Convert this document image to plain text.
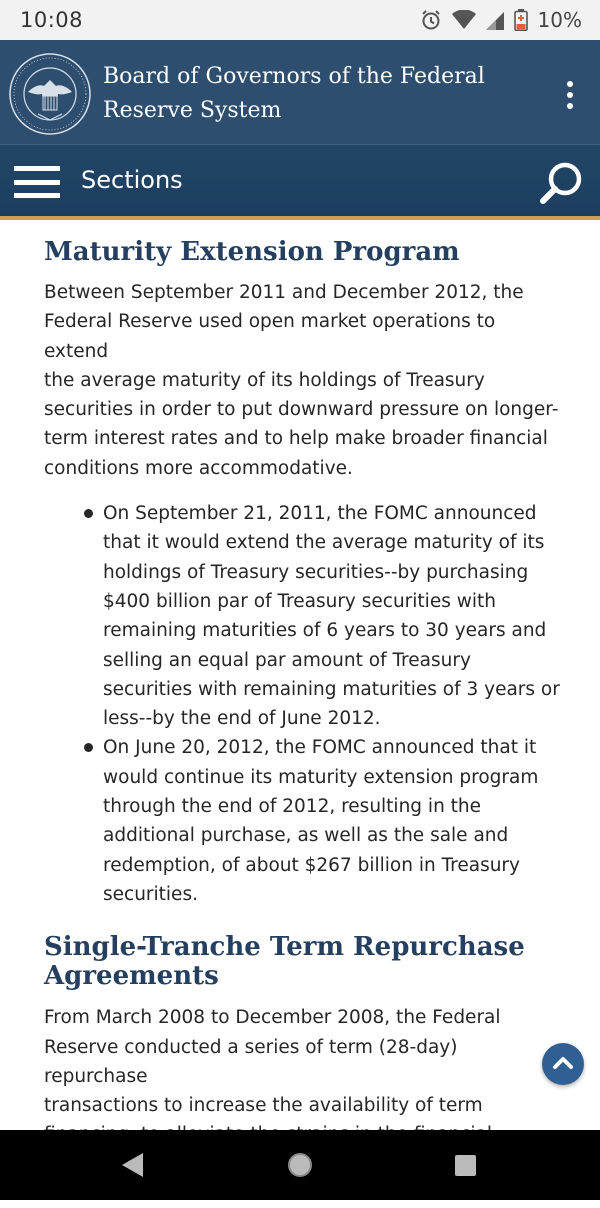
10:08	10%
Board of Governors of the Federal
Reserve System
Sections
Maturity Extension Program
Between September 2011 and December 2012, the
Federal Reserve used open market operations to extend
the average maturity of its holdings of Treasury
securities in order to put downward pressure on longer-
term interest rates and to help make broader financial
conditions more accommodative.
On September 21, 2011, the FOMC announced
that it would extend the average maturity of its
holdings of Treasury securities--by purchasing
$400 billion par of Treasury securities with
remaining maturities of 6 years to 30 years and
selling an equal par amount of Treasury
securities with remaining maturities of 3 years or
less--by the end of June 2012.
On June 20, 2012, the FOMC announced that it
would continue its maturity extension program
through the end of 2012, resulting in the
additional purchase, as well as the sale and
redemption, of about $267 billion in Treasury
securities.
Single-Tranche Term Repurchase
Agreements
From March 2008 to December 2008, the Federal
Reserve conducted a series of term (28-day) repurchase
transactions to increase the availability of term
